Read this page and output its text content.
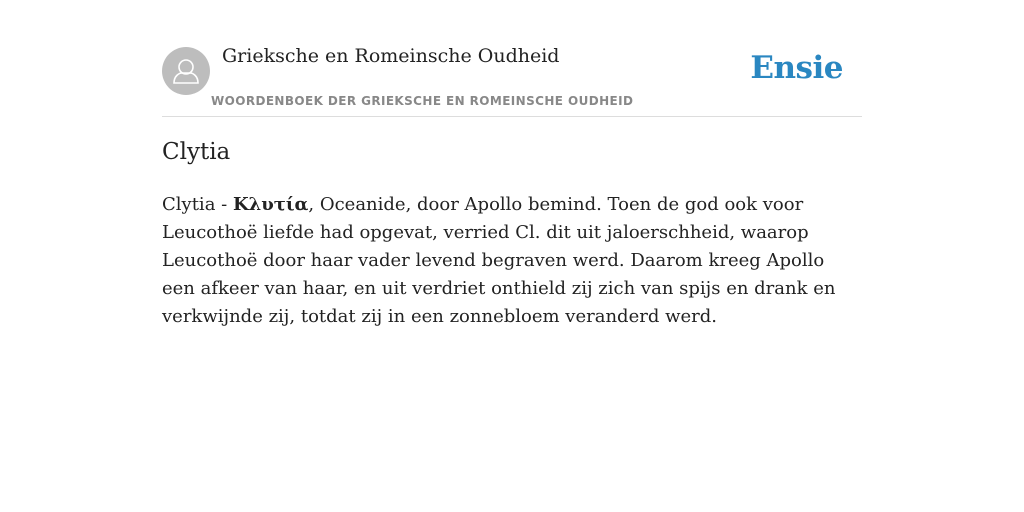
Grieksche en Romeinsche Oudheid
WOORDENBOEK DER GRIEKSCHE EN ROMEINSCHE OUDHEID
Ensie
Clytia

Clytia - Κλυτία, Oceanide, door Apollo bemind. Toen de god ook voor Leucothoë liefde had opgevat, verried Cl. dit uit jaloerschheid, waarop Leucothoë door haar vader levend begraven werd. Daarom kreeg Apollo een afkeer van haar, en uit verdriet onthield zij zich van spijs en drank en verkwijnde zij, totdat zij in een zonnebloem veranderd werd.
